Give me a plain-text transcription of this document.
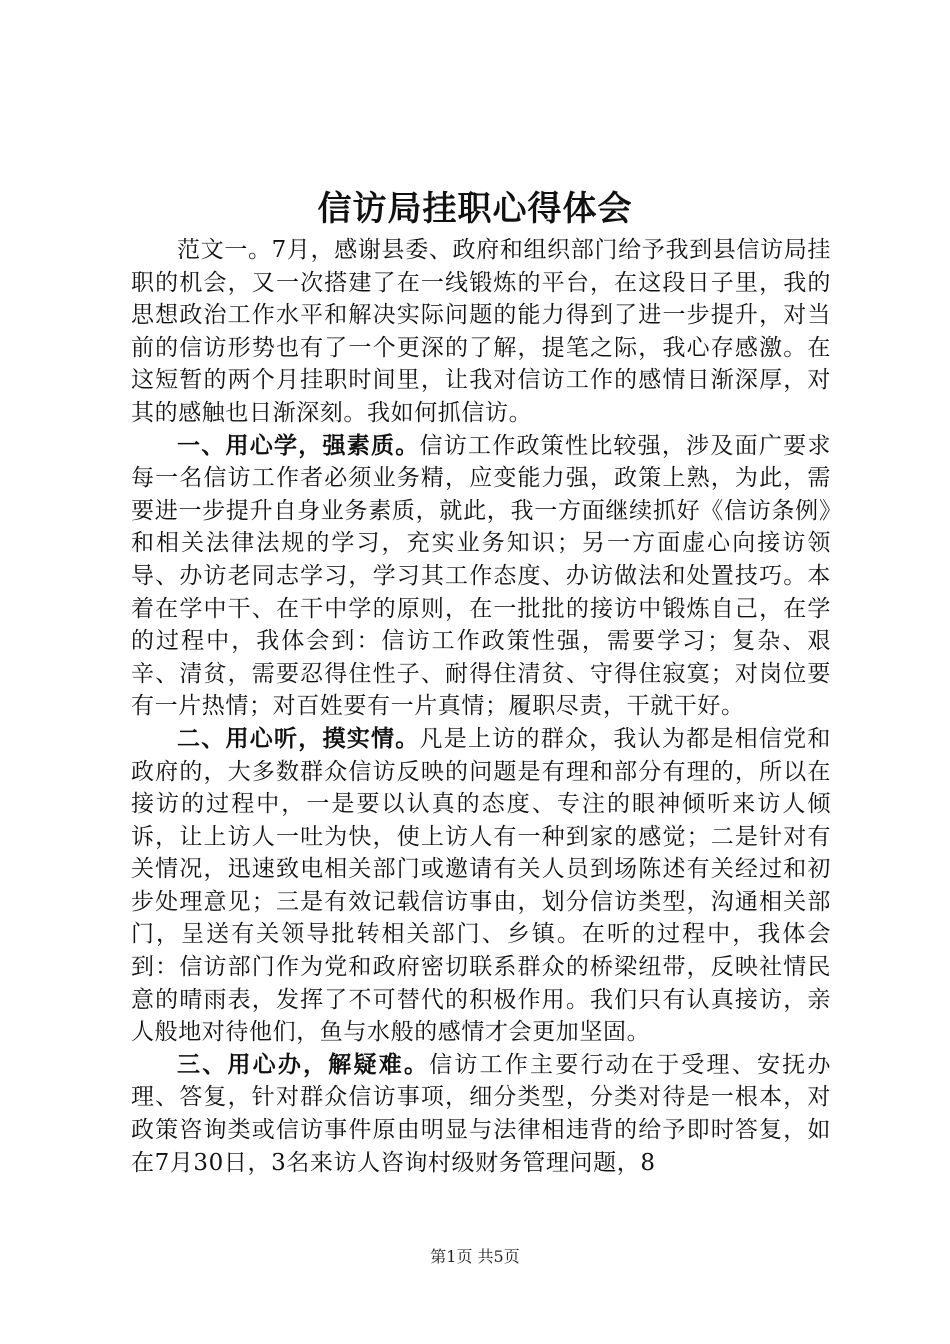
信访局挂职心得体会

范文一。7月，感谢县委、政府和组织部门给予我到县信访局挂职的机会，又一次搭建了在一线锻炼的平台，在这段日子里，我的思想政治工作水平和解决实际问题的能力得到了进一步提升，对当前的信访形势也有了一个更深的了解，提笔之际，我心存感激。在这短暂的两个月挂职时间里，让我对信访工作的感情日渐深厚，对其的感触也日渐深刻。我如何抓信访。

一、用心学，强素质。信访工作政策性比较强，涉及面广要求每一名信访工作者必须业务精，应变能力强，政策上熟，为此，需要进一步提升自身业务素质，就此，我一方面继续抓好《信访条例》和相关法律法规的学习，充实业务知识；另一方面虚心向接访领导、办访老同志学习，学习其工作态度、办访做法和处置技巧。本着在学中干、在干中学的原则，在一批批的接访中锻炼自己，在学的过程中，我体会到：信访工作政策性强，需要学习；复杂、艰辛、清贫，需要忍得住性子、耐得住清贫、守得住寂寞；对岗位要有一片热情；对百姓要有一片真情；履职尽责，干就干好。

二、用心听，摸实情。凡是上访的群众，我认为都是相信党和政府的，大多数群众信访反映的问题是有理和部分有理的，所以在接访的过程中，一是要以认真的态度、专注的眼神倾听来访人倾诉，让上访人一吐为快，使上访人有一种到家的感觉；二是针对有关情况，迅速致电相关部门或邀请有关人员到场陈述有关经过和初步处理意见；三是有效记载信访事由，划分信访类型，沟通相关部门，呈送有关领导批转相关部门、乡镇。在听的过程中，我体会到：信访部门作为党和政府密切联系群众的桥梁纽带，反映社情民意的晴雨表，发挥了不可替代的积极作用。我们只有认真接访，亲人般地对待他们，鱼与水般的感情才会更加坚固。

三、用心办，解疑难。信访工作主要行动在于受理、安抚办理、答复，针对群众信访事项，细分类型，分类对待是一根本，对政策咨询类或信访事件原由明显与法律相违背的给予即时答复，如在7月30日，3名来访人咨询村级财务管理问题，8

第1页 共5页
